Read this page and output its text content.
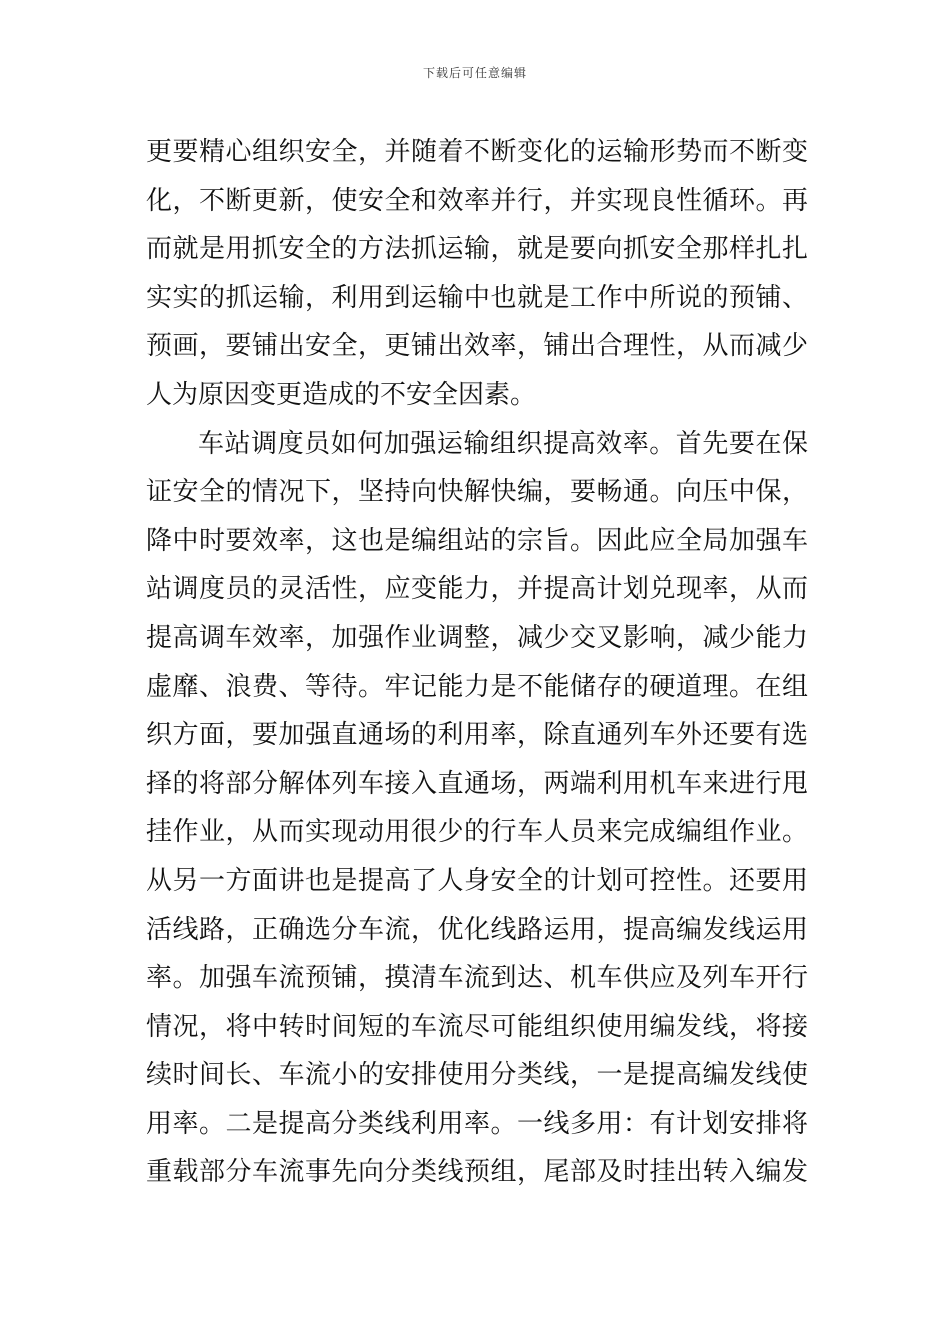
下载后可任意编辑
更要精心组织安全，并随着不断变化的运输形势而不断变
化，不断更新，使安全和效率并行，并实现良性循环。再
而就是用抓安全的方法抓运输，就是要向抓安全那样扎扎
实实的抓运输，利用到运输中也就是工作中所说的预铺、
预画，要铺出安全，更铺出效率，铺出合理性，从而减少
人为原因变更造成的不安全因素。
车站调度员如何加强运输组织提高效率。首先要在保
证安全的情况下，坚持向快解快编，要畅通。向压中保，
降中时要效率，这也是编组站的宗旨。因此应全局加强车
站调度员的灵活性，应变能力，并提高计划兑现率，从而
提高调车效率，加强作业调整，减少交叉影响，减少能力
虚靡、浪费、等待。牢记能力是不能储存的硬道理。在组
织方面，要加强直通场的利用率，除直通列车外还要有选
择的将部分解体列车接入直通场，两端利用机车来进行甩
挂作业，从而实现动用很少的行车人员来完成编组作业。
从另一方面讲也是提高了人身安全的计划可控性。还要用
活线路，正确选分车流，优化线路运用，提高编发线运用
率。加强车流预铺，摸清车流到达、机车供应及列车开行
情况，将中转时间短的车流尽可能组织使用编发线，将接
续时间长、车流小的安排使用分类线，一是提高编发线使
用率。二是提高分类线利用率。一线多用：有计划安排将
重载部分车流事先向分类线预组，尾部及时挂出转入编发
